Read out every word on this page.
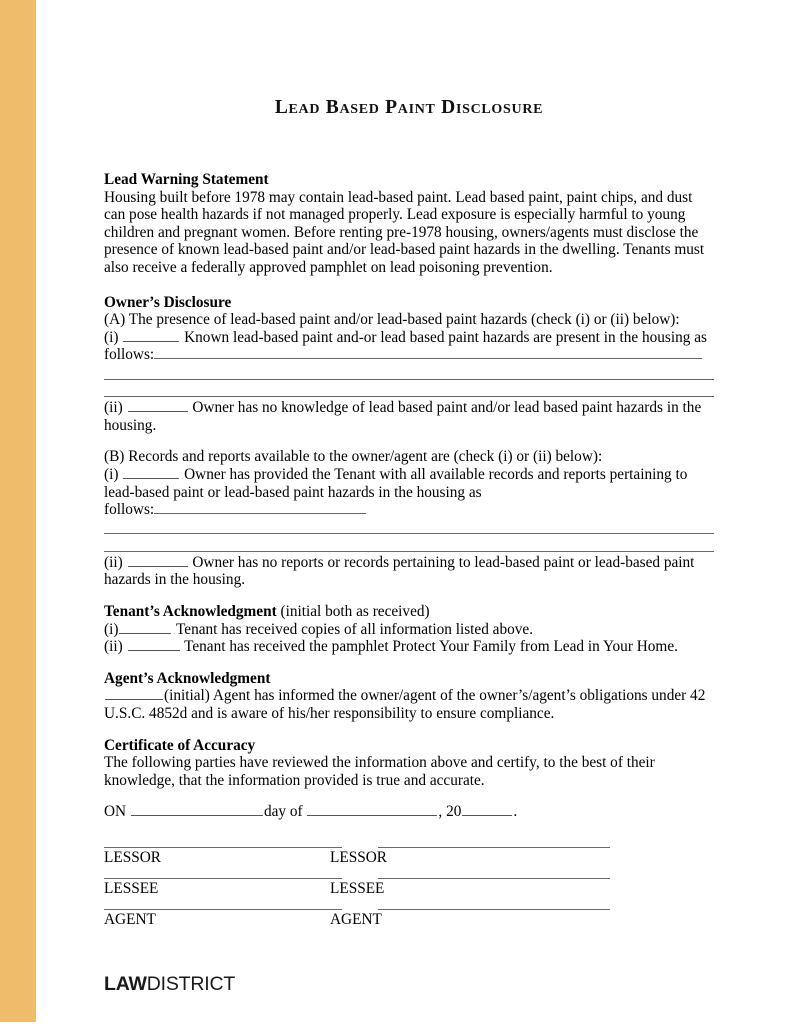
Lead Based Paint Disclosure
Lead Warning Statement
Housing built before 1978 may contain lead-based paint. Lead based paint, paint chips, and dust can pose health hazards if not managed properly. Lead exposure is especially harmful to young children and pregnant women. Before renting pre-1978 housing, owners/agents must disclose the presence of known lead-based paint and/or lead-based paint hazards in the dwelling. Tenants must also receive a federally approved pamphlet on lead poisoning prevention.
Owner’s Disclosure
(A) The presence of lead-based paint and/or lead-based paint hazards (check (i) or (ii) below):
(i)	Known lead-based paint and-or lead based paint hazards are present in the housing as
follows:
(ii)	Owner has no knowledge of lead based paint and/or lead based paint hazards in the housing.
(B) Records and reports available to the owner/agent are (check (i) or (ii) below):
(i)	Owner has provided the Tenant with all available records and reports pertaining to lead-based paint or lead-based paint hazards in the housing as
follows:
(ii)	Owner has no reports or records pertaining to lead-based paint or lead-based paint hazards in the housing.
Tenant’s Acknowledgment (initial both as received)
(i)	Tenant has received copies of all information listed above.
(ii)	Tenant has received the pamphlet Protect Your Family from Lead in Your Home.
Agent’s Acknowledgment
(initial) Agent has informed the owner/agent of the owner’s/agent’s obligations under 42 U.S.C. 4852d and is aware of his/her responsibility to ensure compliance.
Certificate of Accuracy
The following parties have reviewed the information above and certify, to the best of their knowledge, that the information provided is true and accurate.
ON	day of	, 20	.
LESSOR	LESSOR
LESSEE	LESSEE
AGENT	AGENT
LAWDISTRICT
